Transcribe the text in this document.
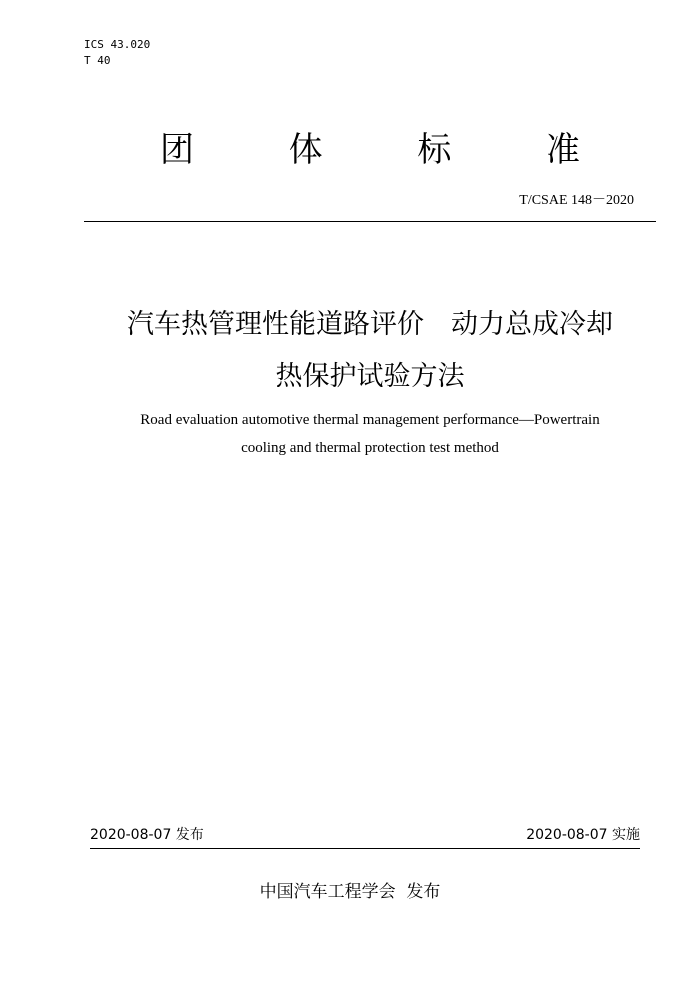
ICS 43.020
T 40
团	体	标	准
T/CSAE 148－2020
汽车热管理性能道路评价　动力总成冷却
热保护试验方法
Road evaluation automotive thermal management performance—Powertrain
cooling and thermal protection test method
2020-08-07 发布	2020-08-07 实施
中国汽车工程学会  发布
